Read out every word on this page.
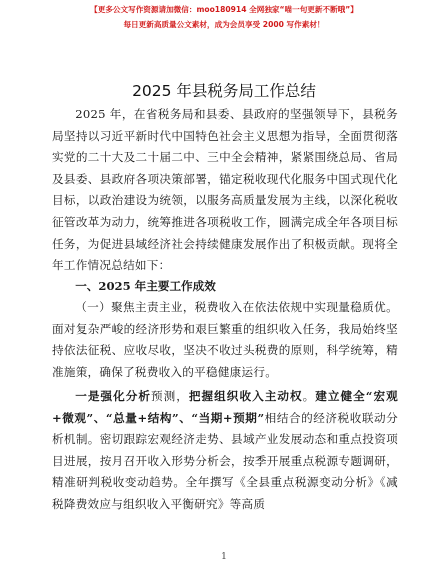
【更多公文写作资源请加微信：moo180914 全网独家“喵一句更新不断哦”】
每日更新高质量公文素材，成为会员享受 2000 写作素材！
2025 年县税务局工作总结

2025 年，在省税务局和县委、县政府的坚强领导下，县税务局坚持以习近平新时代中国特色社会主义思想为指导，全面贯彻落实党的二十大及二十届二中、三中全会精神，紧紧围绕总局、省局及县委、县政府各项决策部署，锚定税收现代化服务中国式现代化目标，以政治建设为统领，以服务高质量发展为主线，以深化税收征管改革为动力，统筹推进各项税收工作，圆满完成全年各项目标任务，为促进县域经济社会持续健康发展作出了积极贡献。现将全年工作情况总结如下：

一、2025 年主要工作成效

（一）聚焦主责主业，税费收入在依法依规中实现量稳质优。面对复杂严峻的经济形势和艰巨繁重的组织收入任务，我局始终坚持依法征税、应收尽收，坚决不收过头税费的原则，科学统筹，精准施策，确保了税费收入的平稳健康运行。

一是强化分析预测，把握组织收入主动权。建立健全“宏观+微观”、“总量+结构”、“当期+预期”相结合的经济税收联动分析机制。密切跟踪宏观经济走势、县域产业发展动态和重点投资项目进展，按月召开收入形势分析会，按季开展重点税源专题调研，精准研判税收变动趋势。全年撰写《全县重点税源变动分析》《减税降费效应与组织收入平衡研究》等高质

1
